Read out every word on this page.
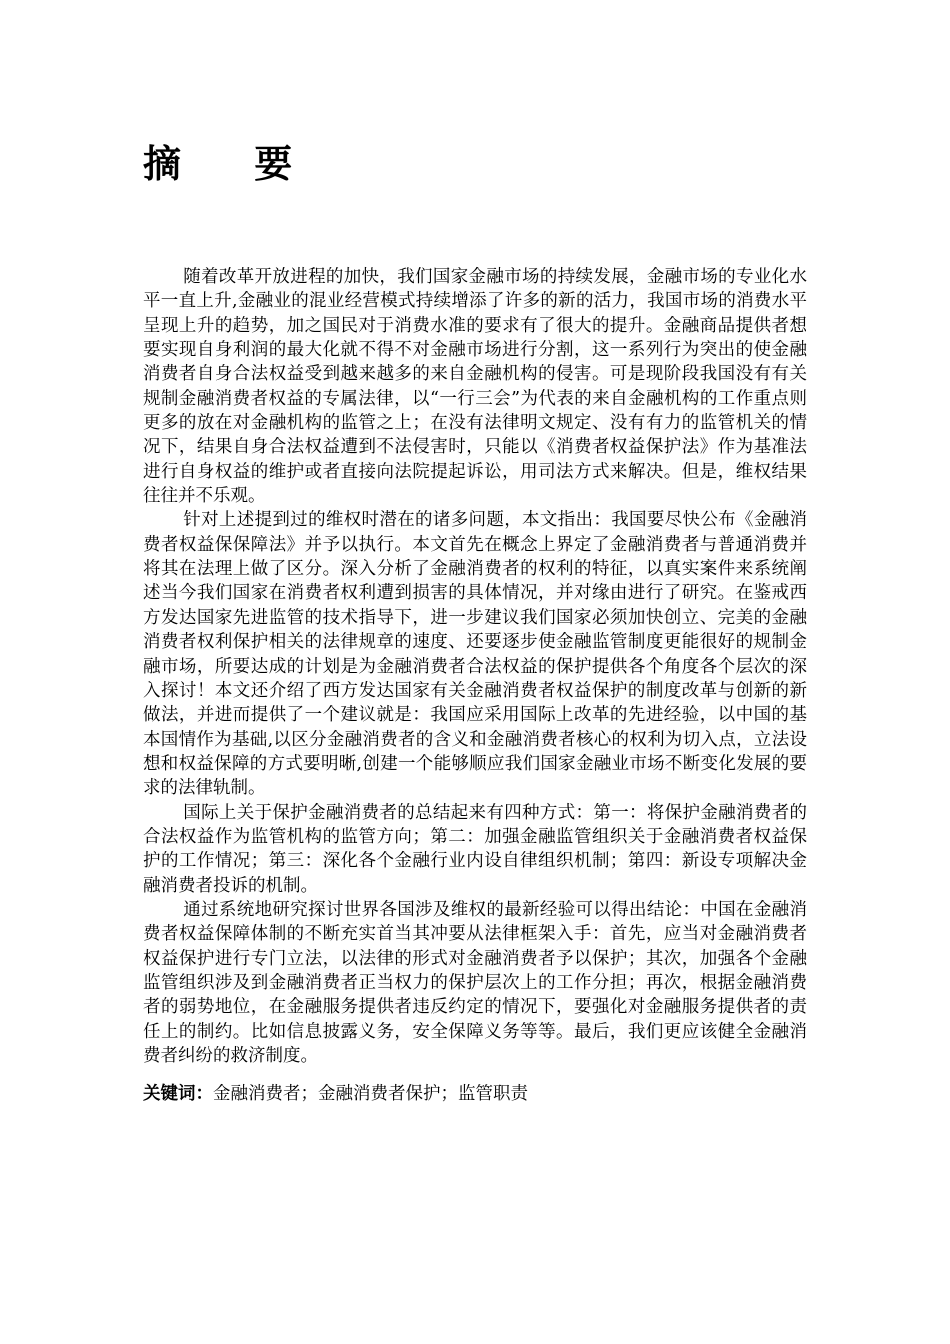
摘 要

随着改革开放进程的加快，我们国家金融市场的持续发展，金融市场的专业化水平一直上升,金融业的混业经营模式持续增添了许多的新的活力，我国市场的消费水平呈现上升的趋势，加之国民对于消费水准的要求有了很大的提升。金融商品提供者想要实现自身利润的最大化就不得不对金融市场进行分割，这一系列行为突出的使金融消费者自身合法权益受到越来越多的来自金融机构的侵害。可是现阶段我国没有有关规制金融消费者权益的专属法律，以“一行三会”为代表的来自金融机构的工作重点则更多的放在对金融机构的监管之上；在没有法律明文规定、没有有力的监管机关的情况下，结果自身合法权益遭到不法侵害时，只能以《消费者权益保护法》作为基准法进行自身权益的维护或者直接向法院提起诉讼，用司法方式来解决。但是，维权结果往往并不乐观。

针对上述提到过的维权时潜在的诸多问题，本文指出：我国要尽快公布《金融消费者权益保保障法》并予以执行。本文首先在概念上界定了金融消费者与普通消费并将其在法理上做了区分。深入分析了金融消费者的权利的特征，以真实案件来系统阐述当今我们国家在消费者权利遭到损害的具体情况，并对缘由进行了研究。在鉴戒西方发达国家先进监管的技术指导下，进一步建议我们国家必须加快创立、完美的金融消费者权利保护相关的法律规章的速度、还要逐步使金融监管制度更能很好的规制金融市场，所要达成的计划是为金融消费者合法权益的保护提供各个角度各个层次的深入探讨！本文还介绍了西方发达国家有关金融消费者权益保护的制度改革与创新的新做法，并进而提供了一个建议就是：我国应采用国际上改革的先进经验，以中国的基本国情作为基础,以区分金融消费者的含义和金融消费者核心的权利为切入点，立法设想和权益保障的方式要明晰,创建一个能够顺应我们国家金融业市场不断变化发展的要求的法律轨制。

国际上关于保护金融消费者的总结起来有四种方式：第一：将保护金融消费者的合法权益作为监管机构的监管方向；第二：加强金融监管组织关于金融消费者权益保护的工作情况；第三：深化各个金融行业内设自律组织机制；第四：新设专项解决金融消费者投诉的机制。

通过系统地研究探讨世界各国涉及维权的最新经验可以得出结论：中国在金融消费者权益保障体制的不断充实首当其冲要从法律框架入手：首先，应当对金融消费者权益保护进行专门立法，以法律的形式对金融消费者予以保护；其次，加强各个金融监管组织涉及到金融消费者正当权力的保护层次上的工作分担；再次，根据金融消费者的弱势地位，在金融服务提供者违反约定的情况下，要强化对金融服务提供者的责任上的制约。比如信息披露义务，安全保障义务等等。最后，我们更应该健全金融消费者纠纷的救济制度。

关键词：金融消费者；金融消费者保护；监管职责
